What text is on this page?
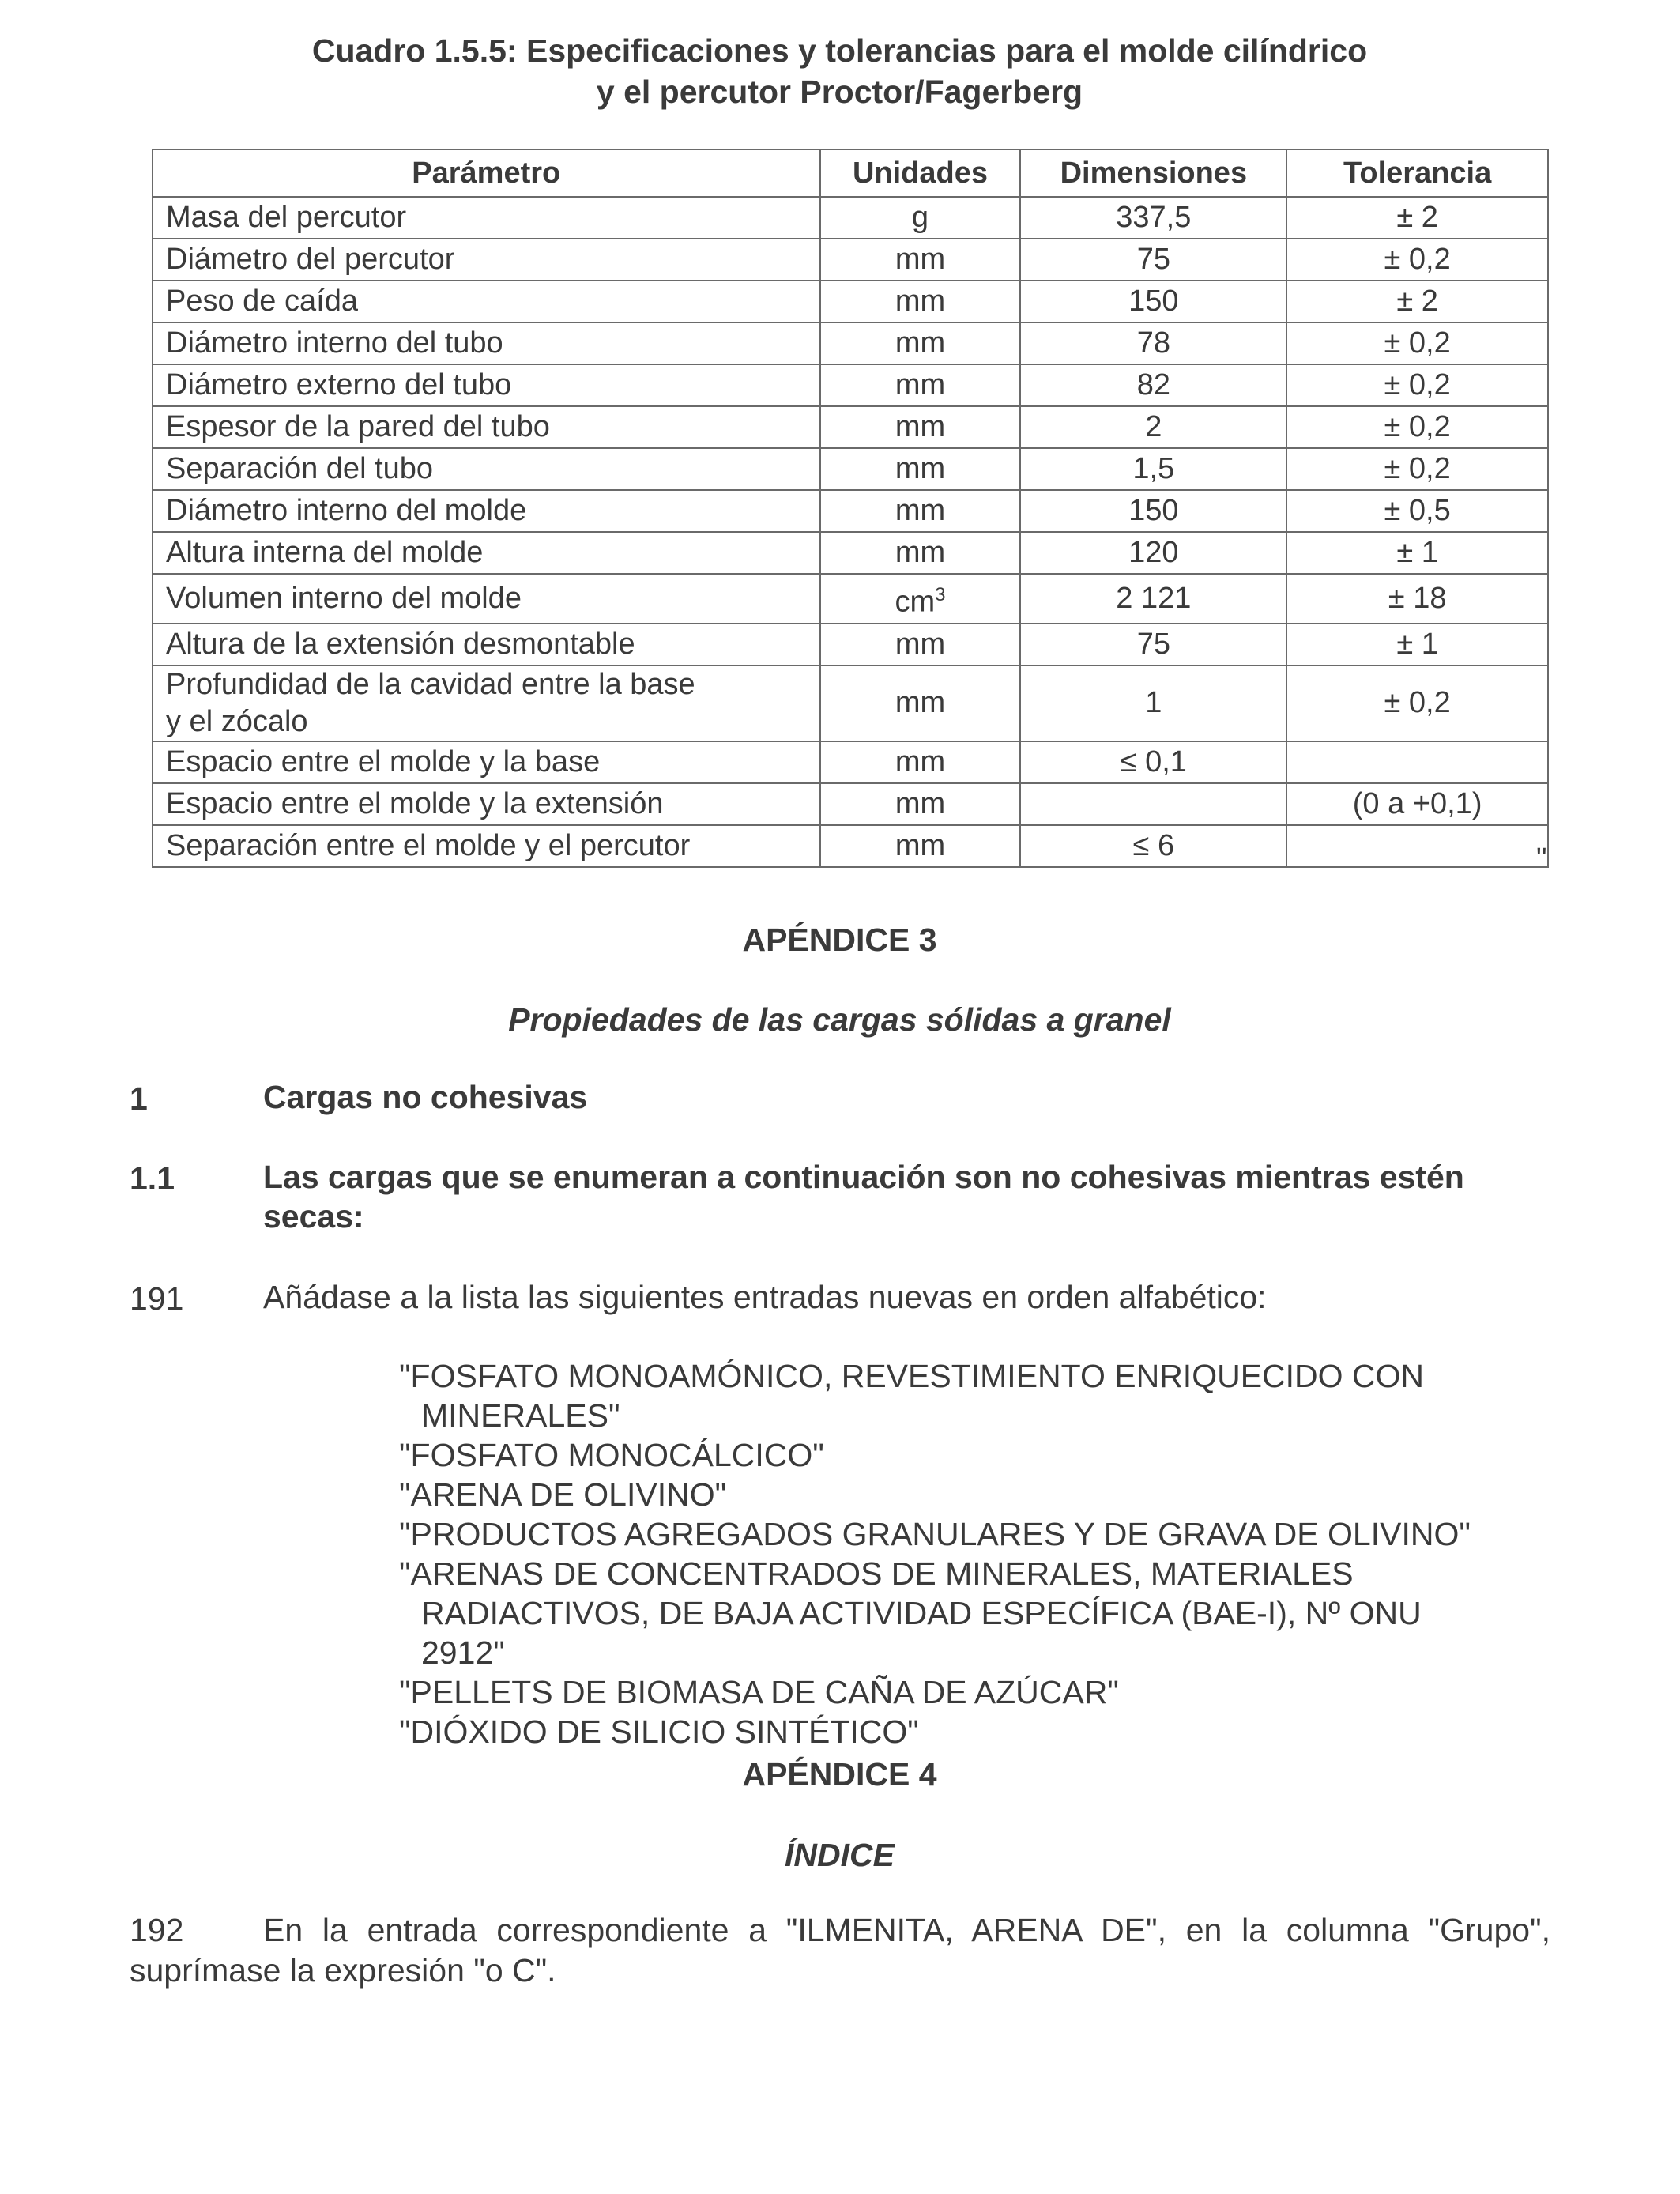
Cuadro 1.5.5: Especificaciones y tolerancias para el molde cilíndrico
y el percutor Proctor/Fagerberg
Parámetro	Unidades	Dimensiones	Tolerancia
Masa del percutor	g	337,5	± 2
Diámetro del percutor	mm	75	± 0,2
Peso de caída	mm	150	± 2
Diámetro interno del tubo	mm	78	± 0,2
Diámetro externo del tubo	mm	82	± 0,2
Espesor de la pared del tubo	mm	2	± 0,2
Separación del tubo	mm	1,5	± 0,2
Diámetro interno del molde	mm	150	± 0,5
Altura interna del molde	mm	120	± 1
Volumen interno del molde	$cm^3$	2 121	± 18
Altura de la extensión desmontable	mm	75	± 1

Profundidad de la cavidad entre la base
y el zócalo	mm	1	± 0,2
Espacio entre el molde y la base	mm	≤ 0,1	
Espacio entre el molde y la extensión	mm		(0 a +0,1)
Separación entre el molde y el percutor	mm	≤ 6		"
APÉNDICE 3
Propiedades de las cargas sólidas a granel
1	Cargas no cohesivas
1.1	Las cargas que se enumeran a continuación son no cohesivas mientras estén secas:
191 Añádase a la lista las siguientes entradas nuevas en orden alfabético:
"FOSFATO MONOAMÓNICO, REVESTIMIENTO ENRIQUECIDO CON MINERALES"
"FOSFATO MONOCÁLCICO"
"ARENA DE OLIVINO"
"PRODUCTOS AGREGADOS GRANULARES Y DE GRAVA DE OLIVINO"
"ARENAS DE CONCENTRADOS DE MINERALES, MATERIALES RADIACTIVOS, DE BAJA ACTIVIDAD ESPECÍFICA (BAE-I), Nº ONU 2912"
"PELLETS DE BIOMASA DE CAÑA DE AZÚCAR"
"DIÓXIDO DE SILICIO SINTÉTICO"
APÉNDICE 4
ÍNDICE
192 En la entrada correspondiente a "ILMENITA, ARENA DE", en la columna "Grupo", suprímase la expresión "o C".
